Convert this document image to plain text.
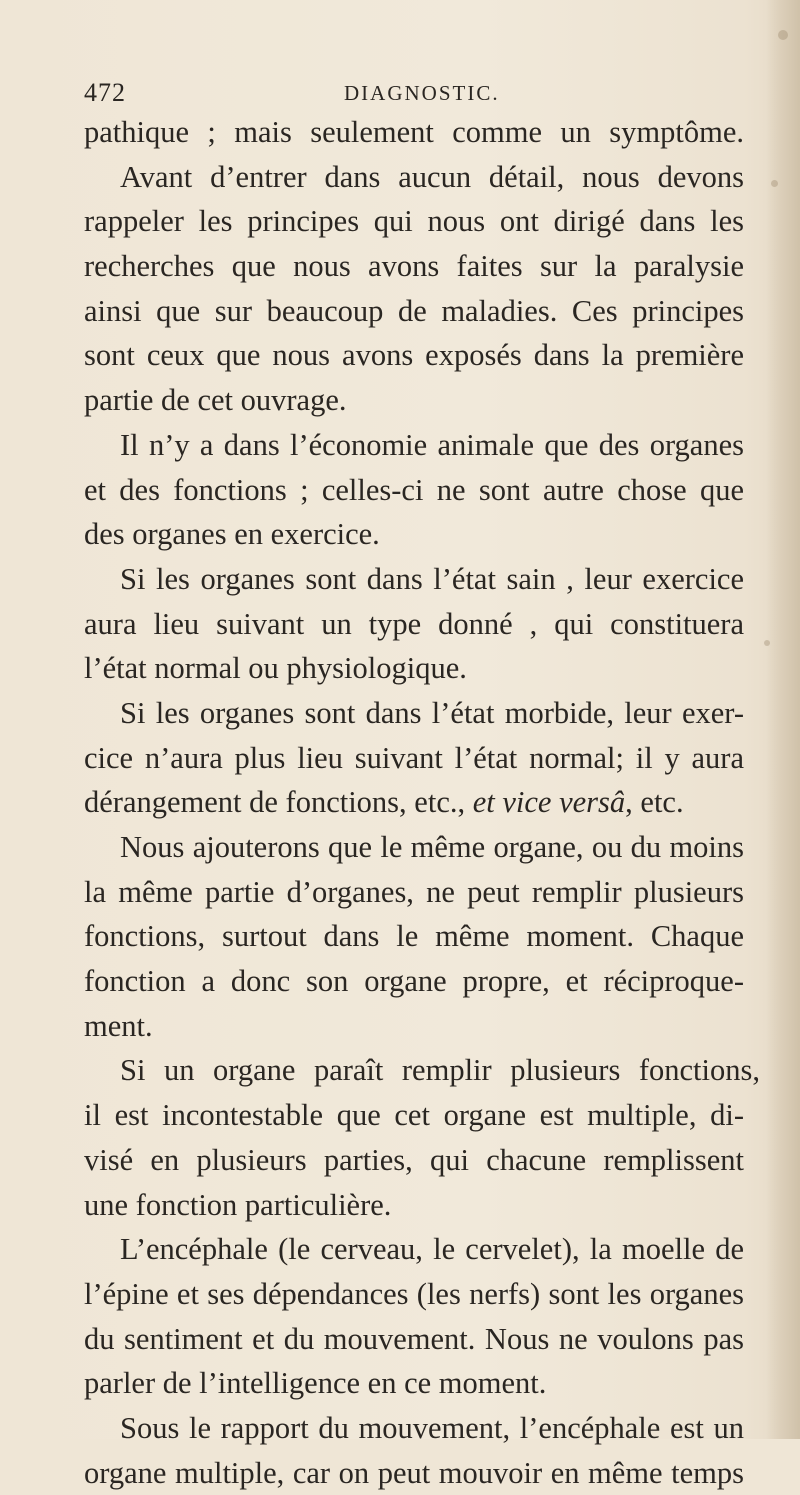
472	DIAGNOSTIC.
pathique ; mais seulement comme un symptôme.
Avant d’entrer dans aucun détail, nous devons
rappeler les principes qui nous ont dirigé dans les
recherches que nous avons faites sur la paralysie
ainsi que sur beaucoup de maladies. Ces principes
sont ceux que nous avons exposés dans la première
partie de cet ouvrage.
Il n’y a dans l’économie animale que des organes
et des fonctions ; celles-ci ne sont autre chose que
des organes en exercice.
Si les organes sont dans l’état sain , leur exercice
aura lieu suivant un type donné , qui constituera
l’état normal ou physiologique.
Si les organes sont dans l’état morbide, leur exer-
cice n’aura plus lieu suivant l’état normal; il y aura
dérangement de fonctions, etc., et vice versâ, etc.
Nous ajouterons que le même organe, ou du moins
la même partie d’organes, ne peut remplir plusieurs
fonctions, surtout dans le même moment. Chaque
fonction a donc son organe propre, et réciproque-
ment.
Si un organe paraît remplir plusieurs fonctions,
il est incontestable que cet organe est multiple, di-
visé en plusieurs parties, qui chacune remplissent
une fonction particulière.
L’encéphale (le cerveau, le cervelet), la moelle de
l’épine et ses dépendances (les nerfs) sont les organes
du sentiment et du mouvement. Nous ne voulons pas
parler de l’intelligence en ce moment.
Sous le rapport du mouvement, l’encéphale est un
organe multiple, car on peut mouvoir en même temps
